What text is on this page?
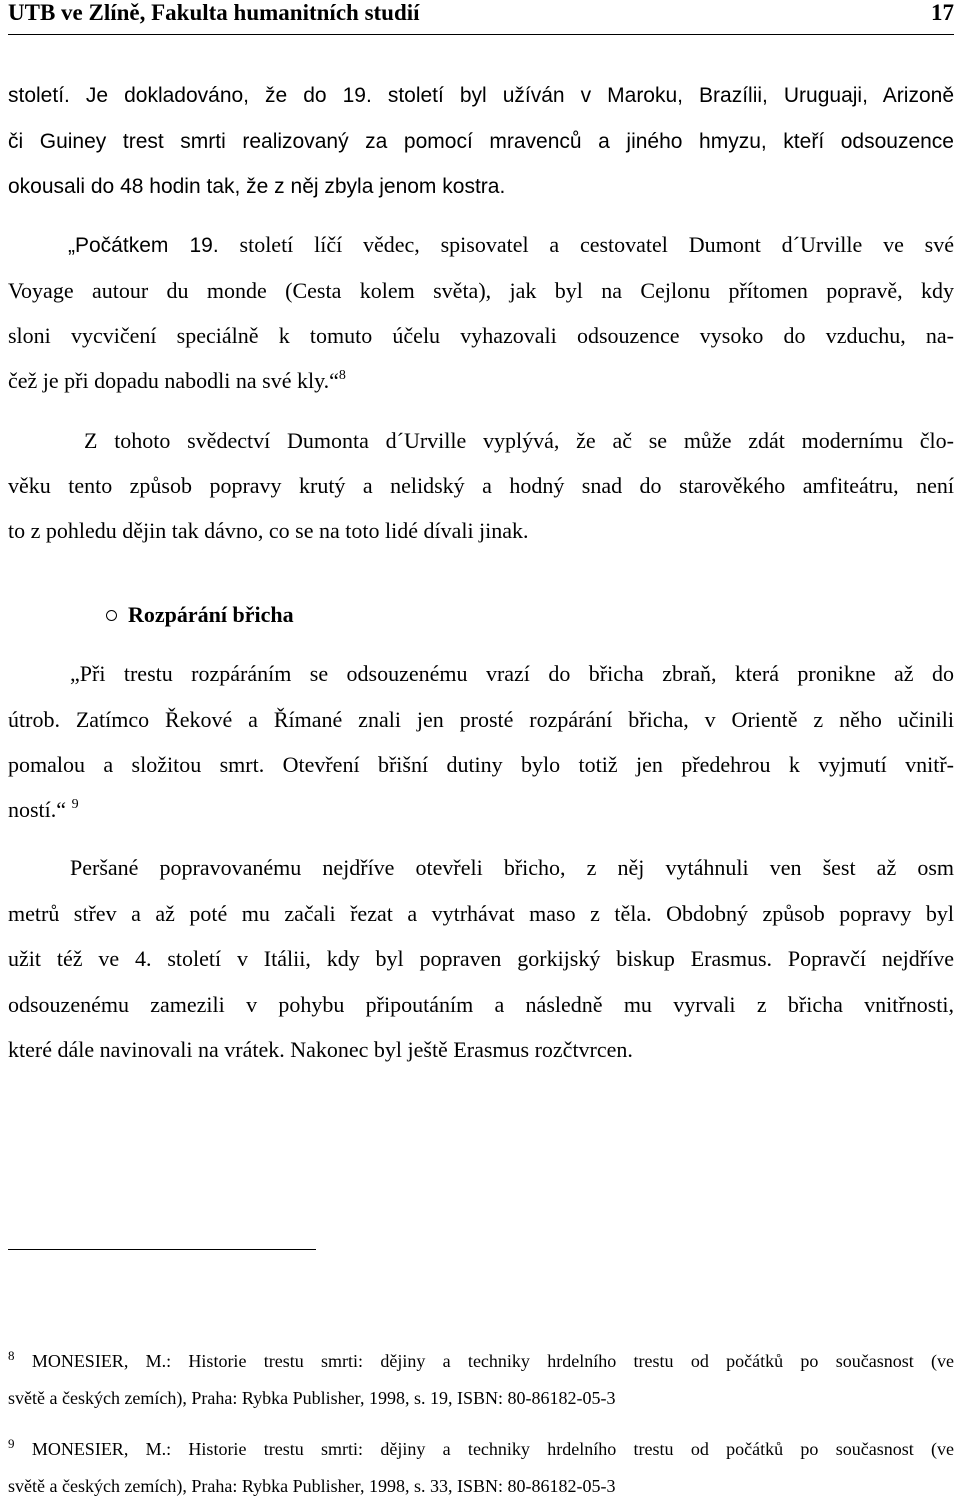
UTB ve Zlíně, Fakulta humanitních studií	17
století. Je dokladováno, že do 19. století byl užíván v Maroku, Brazílii, Uruguaji, Arizoně
či Guiney trest smrti realizovaný za pomocí mravenců a jiného hmyzu, kteří odsouzence
okousali do 48 hodin tak, že z něj zbyla jenom kostra.
„Počátkem 19. století líčí vědec, spisovatel a cestovatel Dumont d´Urville ve své
Voyage autour du monde (Cesta kolem světa), jak byl na Cejlonu přítomen popravě, kdy
sloni vycvičení speciálně k tomuto účelu vyhazovali odsouzence vysoko do vzduchu, na-
čež je při dopadu nabodli na své kly.“$^8$
Z tohoto svědectví Dumonta d´Urville vyplývá, že ač se může zdát modernímu člo-
věku tento způsob popravy krutý a nelidský a hodný snad do starověkého amfiteátru, není
to z pohledu dějin tak dávno, co se na toto lidé dívali jinak.
Rozpárání břicha
„Při trestu rozpáráním se odsouzenému vrazí do břicha zbraň, která pronikne až do
útrob. Zatímco Řekové a Římané znali jen prosté rozpárání břicha, v Orientě z něho učinili
pomalou a složitou smrt. Otevření břišní dutiny bylo totiž jen předehrou k vyjmutí vnitř-
ností.“ $^9$
Peršané popravovanému nejdříve otevřeli břicho, z něj vytáhnuli ven šest až osm
metrů střev a až poté mu začali řezat a vytrhávat maso z těla. Obdobný způsob popravy byl
užit též ve 4. století v Itálii, kdy byl popraven gorkijský biskup Erasmus. Popravčí nejdříve
odsouzenému zamezili v pohybu připoutáním a následně mu vyrvali z břicha vnitřnosti,
které dále navinovali na vrátek. Nakonec byl ještě Erasmus rozčtvrcen.
$^8$ MONESIER, M.: Historie trestu smrti: dějiny a techniky hrdelního trestu od počátků po současnost (ve
světě a českých zemích), Praha: Rybka Publisher, 1998, s. 19, ISBN: 80-86182-05-3
$^9$ MONESIER, M.: Historie trestu smrti: dějiny a techniky hrdelního trestu od počátků po současnost (ve
světě a českých zemích), Praha: Rybka Publisher, 1998, s. 33, ISBN: 80-86182-05-3
